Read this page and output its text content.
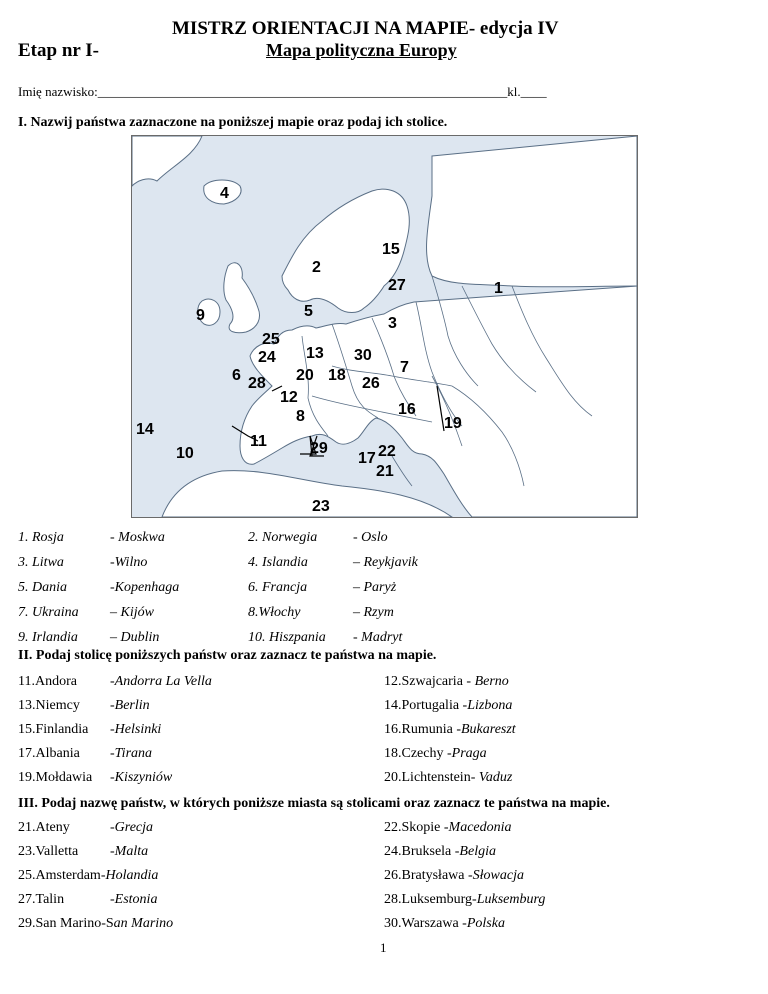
MISTRZ ORIENTACJI NA MAPIE- edycja IV
Etap nr I-	Mapa polityczna Europy
Imię nazwisko:_______________________________________________________________kl.____
I. Nazwij państwa zaznaczone na poniższej mapie oraz podaj ich stolice.
4
2
15
27	1
5
9	3
25
24 13 30
7
6 28 20 18 26
12
8	16
19
14
11
10	29	22
17
21
23
1. Rosja	- Moskwa	2. Norwegia	- Oslo
3. Litwa	-Wilno	4. Islandia	– Reykjavik
5. Dania	-Kopenhaga	6. Francja	– Paryż
7. Ukraina – Kijów	8.Włochy	– Rzym
9. Irlandia – Dublin	10. Hiszpania - Madryt
II. Podaj stolicę poniższych państw oraz zaznacz te państwa na mapie.
11.Andora -Andorra La Vella	12.Szwajcaria - Berno
13.Niemcy -Berlin	14.Portugalia -Lizbona
15.Finlandia -Helsinki	16.Rumunia -Bukareszt
17.Albania -Tirana	18.Czechy -Praga
19.Mołdawia -Kiszyniów	20.Lichtenstein- Vaduz
III. Podaj nazwę państw, w których poniższe miasta są stolicami oraz zaznacz te państwa na mapie.
21.Ateny	-Grecja	22.Skopie -Macedonia
23.Valletta -Malta	24.Bruksela -Belgia
25.Amsterdam-Holandia	26.Bratysława -Słowacja
27.Talin	-Estonia	28.Luksemburg-Luksemburg
29.San Marino-San Marino	30.Warszawa -Polska
1
